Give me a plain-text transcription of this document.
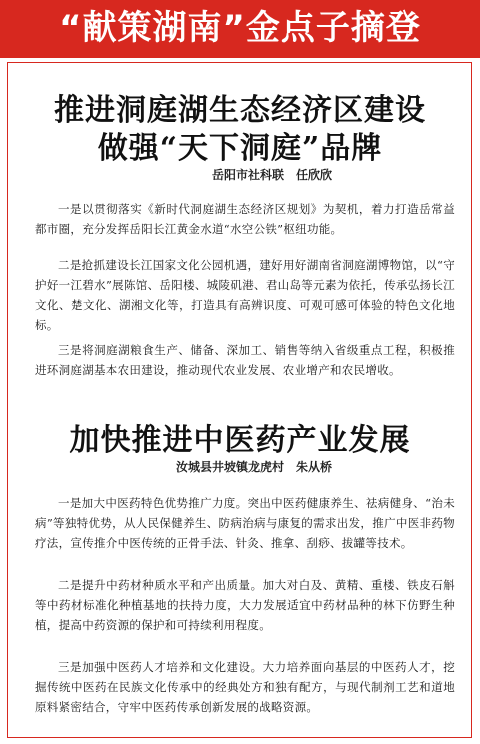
“献策湖南”金点子摘登
推进洞庭湖生态经济区建设
做强“天下洞庭”品牌
岳阳市社科联　任欣欣

一是以贯彻落实《新时代洞庭湖生态经济区规划》为契机，着力打造岳常益都市圈，充分发挥岳阳长江黄金水道“水空公铁”枢纽功能。

二是抢抓建设长江国家文化公园机遇，建好用好湖南省洞庭湖博物馆，以“守护好一江碧水”展陈馆、岳阳楼、城陵矶港、君山岛等元素为依托，传承弘扬长江文化、楚文化、湖湘文化等，打造具有高辨识度、可观可感可体验的特色文化地标。

三是将洞庭湖粮食生产、储备、深加工、销售等纳入省级重点工程，积极推进环洞庭湖基本农田建设，推动现代农业发展、农业增产和农民增收。

加快推进中医药产业发展
汝城县井坡镇龙虎村　朱从桥

一是加大中医药特色优势推广力度。突出中医药健康养生、祛病健身、“治未病”等独特优势，从人民保健养生、防病治病与康复的需求出发，推广中医非药物疗法，宣传推介中医传统的正骨手法、针灸、推拿、刮痧、拔罐等技术。

二是提升中药材种质水平和产出质量。加大对白及、黄精、重楼、铁皮石斛等中药材标准化种植基地的扶持力度，大力发展适宜中药材品种的林下仿野生种植，提高中药资源的保护和可持续利用程度。

三是加强中医药人才培养和文化建设。大力培养面向基层的中医药人才，挖掘传统中医药在民族文化传承中的经典处方和独有配方，与现代制剂工艺和道地原料紧密结合，守牢中医药传承创新发展的战略资源。
